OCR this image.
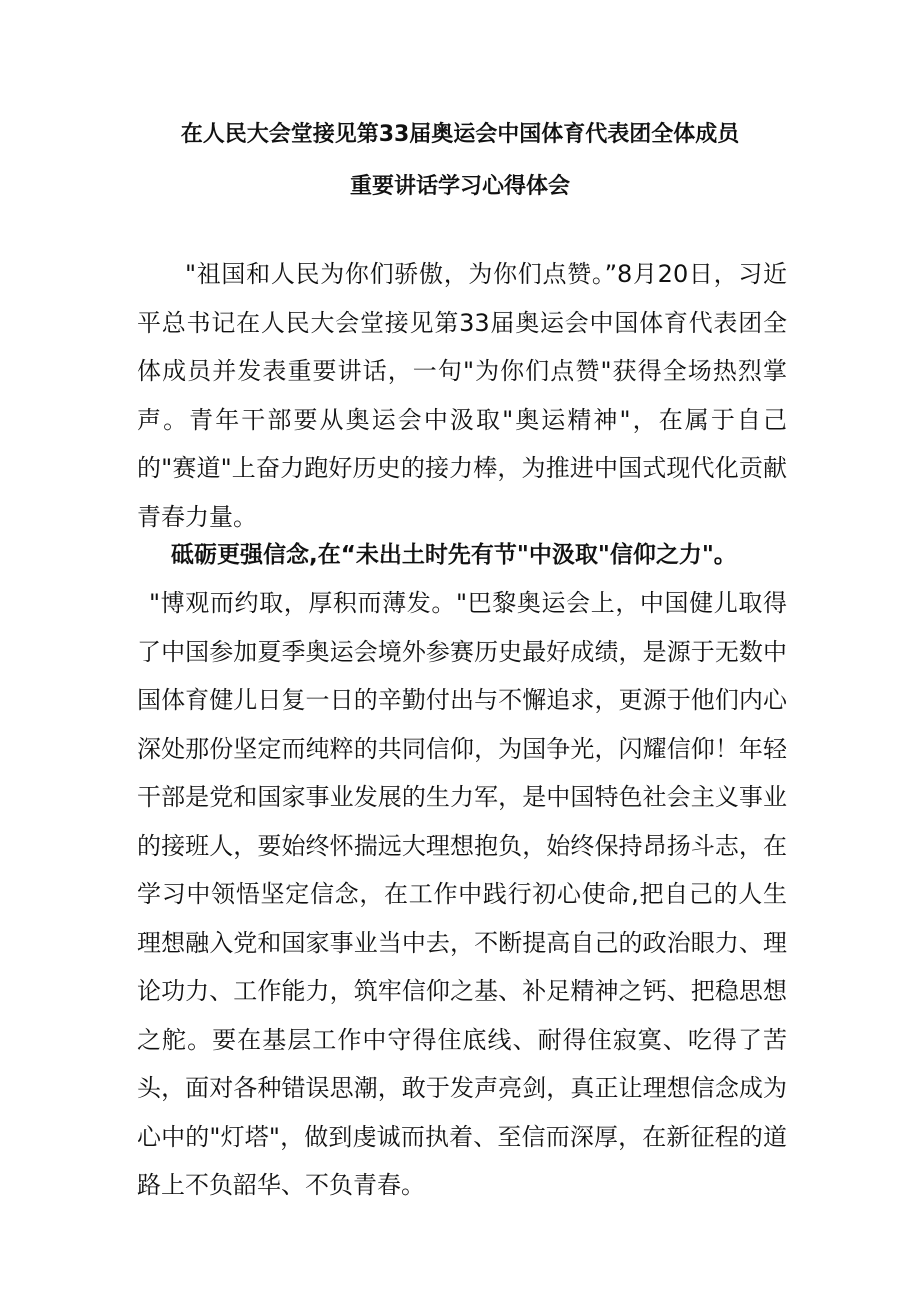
在人民大会堂接见第33届奥运会中国体育代表团全体成员
重要讲话学习心得体会

"祖国和人民为你们骄傲，为你们点赞。”8月20日，习近平总书记在人民大会堂接见第33届奥运会中国体育代表团全体成员并发表重要讲话，一句"为你们点赞"获得全场热烈掌声。青年干部要从奥运会中汲取"奥运精神"，在属于自己的"赛道"上奋力跑好历史的接力棒，为推进中国式现代化贡献青春力量。

砥砺更强信念,在“未出土时先有节"中汲取"信仰之力"。

"博观而约取，厚积而薄发。"巴黎奥运会上，中国健儿取得了中国参加夏季奥运会境外参赛历史最好成绩，是源于无数中国体育健儿日复一日的辛勤付出与不懈追求，更源于他们内心深处那份坚定而纯粹的共同信仰，为国争光，闪耀信仰！年轻干部是党和国家事业发展的生力军，是中国特色社会主义事业的接班人，要始终怀揣远大理想抱负，始终保持昂扬斗志，在学习中领悟坚定信念，在工作中践行初心使命,把自己的人生理想融入党和国家事业当中去，不断提高自己的政治眼力、理论功力、工作能力，筑牢信仰之基、补足精神之钙、把稳思想之舵。要在基层工作中守得住底线、耐得住寂寞、吃得了苦头，面对各种错误思潮，敢于发声亮剑，真正让理想信念成为心中的"灯塔"，做到虔诚而执着、至信而深厚，在新征程的道路上不负韶华、不负青春。
